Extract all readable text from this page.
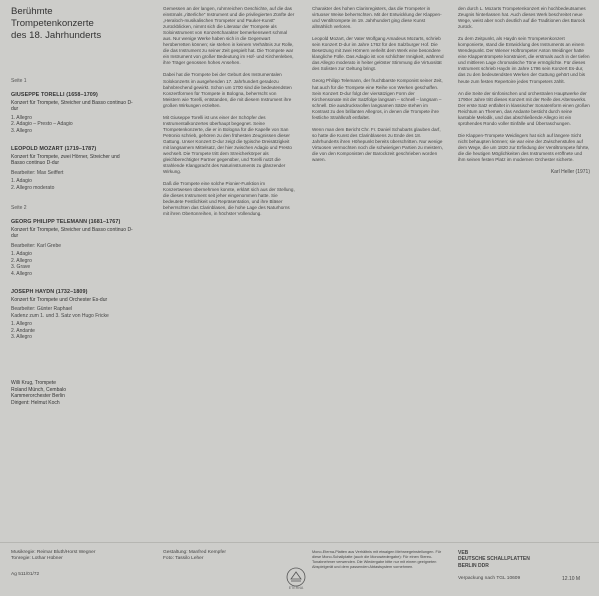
Berühmte Trompetenkonzerte
des 18. Jahrhunderts
Seite 1
GIUSEPPE TORELLI (1658–1709)
Konzert für Trompete, Streicher und Basso continuo D-dur
1. Allegro
2. Adagio – Presto – Adagio
3. Allegro
LEOPOLD MOZART (1719–1787)
Konzert für Trompete, zwei Hörner, Streicher und Basso continuo D-dur
Bearbeiter: Max Seiffert
1. Adagio
2. Allegro moderato
Seite 2
GEORG PHILIPP TELEMANN (1681–1767)
Konzert für Trompete, Streicher und Basso continuo D-dur
Bearbeiter: Karl Grebe
1. Adagio
2. Allegro
3. Grave
4. Allegro
JOSEPH HAYDN (1732–1809)
Konzert für Trompete und Orchester Es-dur
Bearbeiter: Günter Raphael
Kadenz zum 1. und 3. Satz von Hugo Fricke
1. Allegro
2. Andante
3. Allegro
Willi Krug, Trompete
Roland Münch, Cembalo
Kammerorchester Berlin
Dirigent: Helmut Koch

Gemessen an der langen, ruhmreichen Geschichte, auf die das einstmals „ritterliche“ Instrument und die privilegierten Zünfte der „Heraloch-musikalischen Trompeter und Pauker-Kunst“ zurückblicken, nimmt sich die Literatur der Trompete als Soloinstrument von Konzertcharakter bemerkenswert schmal aus. Nur wenige Werke haben sich in die Gegenwart herüberretten können; sie stehen in keinem Verhältnis zur Rolle, die das Instrument zu seiner Zeit gespielt hat. Die Trompete war ein Instrument von großer Bedeutung im Hof- und Kirchenleben, ihre Träger genossen hohes Ansehen.

Dabei hat die Trompete bei der Geburt des Instrumentalen Solokonzerts im ausgehenden 17. Jahrhundert geradezu bahnbrechend gewirkt. Schon um 1700 sind die bedeutendsten Konzertformen für Trompete in Bologna, beherrscht von Meistern wie Torelli, entstanden, die mit diesem Instrument ihre großen Wirkungen erzielten.

Mit Giuseppe Torelli ist uns einer der Schöpfer des Instrumentalkonzertes überhaupt begegnet. Seine Trompetenkonzerte, die er in Bologna für die Kapelle von San Petronio schrieb, gehören zu den frühesten Zeugnissen dieser Gattung. Unser Konzert D-dur zeigt die typische Dreisätzigkeit mit langsamem Mittelsatz, der hier zwischen Adagio und Presto wechselt. Die Trompete tritt dem Streicherkörper als gleichberechtigter Partner gegenüber, und Torelli nutzt die strahlende Klangpracht des Naturinstruments zu glänzender Wirkung.

Daß die Trompete eine solche Pionier-Funktion im Konzertwesen übernehmen konnte, erklärt sich aus der Stellung, die dieses Instrument seit jeher eingenommen hatte. Sie bedeutete Festlichkeit und Repräsentation, und ihre Bläser beherrschten das Clarinblasen, die hohe Lage des Naturhorns mit ihren Obertonreihen, in höchster Vollendung.

Charakter des hohen Clarinregisters, das die Trompeter in virtuoser Weise beherrschten. Mit der Entwicklung der Klappen- und Ventiltrompete im 19. Jahrhundert ging diese Kunst allmählich verloren.

Leopold Mozart, der Vater Wolfgang Amadeus Mozarts, schrieb sein Konzert D-dur im Jahre 1762 für den Salzburger Hof. Die Besetzung mit zwei Hörnern verleiht dem Werk eine besondere klangliche Fülle. Das Adagio ist von schlichter Innigkeit, während das Allegro moderato in heiter gelöster Stimmung die Virtuosität des Solisten zur Geltung bringt.

Georg Philipp Telemann, der fruchtbarste Komponist seiner Zeit, hat auch für die Trompete eine Reihe von Werken geschaffen. Sein Konzert D-dur folgt der viersätzigen Form der Kirchensonate mit der Satzfolge langsam – schnell – langsam – schnell. Die ausdrucksvollen langsamen Sätze stehen im Kontrast zu den brillanten Allegros, in denen die Trompete ihre festliche Strahlkraft entfaltet.

Wenn man dem Bericht Chr. Fr. Daniel Schubarts glauben darf, so hatte die Kunst des Clarinblasens zu Ende des 18. Jahrhunderts ihren Höhepunkt bereits überschritten. Nur wenige Virtuosen vermochten noch die schwierigen Partien zu meistern, die von den Komponisten der Barockzeit geschrieben worden waren.

den durch L. Mozarts Trompetenkonzert ein hochbedeutsames Zeugnis hinterlassen hat. Auch dieses Werk beschreitet neue Wege, weist aber noch deutlich auf die Traditionen des Barock zurück.

Zu dem Zeitpunkt, als Haydn sein Trompetenkonzert komponierte, stand die Entwicklung des Instruments an einem Wendepunkt. Der Wiener Hoftrompeter Anton Weidinger hatte eine Klappentrompete konstruiert, die erstmals auch in der tiefen und mittleren Lage chromatische Töne ermöglichte. Für dieses Instrument schrieb Haydn im Jahre 1796 sein Konzert Es-dur, das zu den bedeutendsten Werken der Gattung gehört und bis heute zum festen Repertoire jedes Trompeters zählt.

An die Seite der sinfonischen und orchestralen Hauptwerke der 1790er Jahre tritt dieses Konzert mit der Reife des Alterswerks. Der erste Satz entfaltet in klassischer Sonatenform einen großen Reichtum an Themen, das Andante besticht durch seine kantable Melodik, und das abschließende Allegro ist ein sprühendes Rondo voller Einfälle und Überraschungen.

Die Klappen-Trompete Weidingers hat sich auf längere Sicht nicht behaupten können; sie war eine der Zwischenstufen auf dem Wege, die um 1820 zur Erfindung der Ventiltrompete führte, die die heutigen Möglichkeiten des Instruments eröffnete und ihm seinen festen Platz im modernen Orchester sicherte.

Karl Heller (1971)
Musikregie: Reimar Bluth/Horst Wegner
Tonregie: Lothar Hübner
Ag 511/01/72
Gestaltung: Manfred Kempfer
Foto: Tassilo Leher
Mono-Eterna-Platten aus Verhältnis mit etwaigen Mehrwegeinstellungen. Für diese Mono-Schallplatte (auch die Monowiedergabe): Für einen Stereo-Tonabnehmer verwenden. Die Wiedergabe bitte nur mit einem geeigneten Abspielgerät und dem passenden Abtastsystem vornehmen.
ETERNA
VEB
DEUTSCHE SCHALLPLATTEN
BERLIN DDR
Verpackung nach TGL 10609	12.10 M
